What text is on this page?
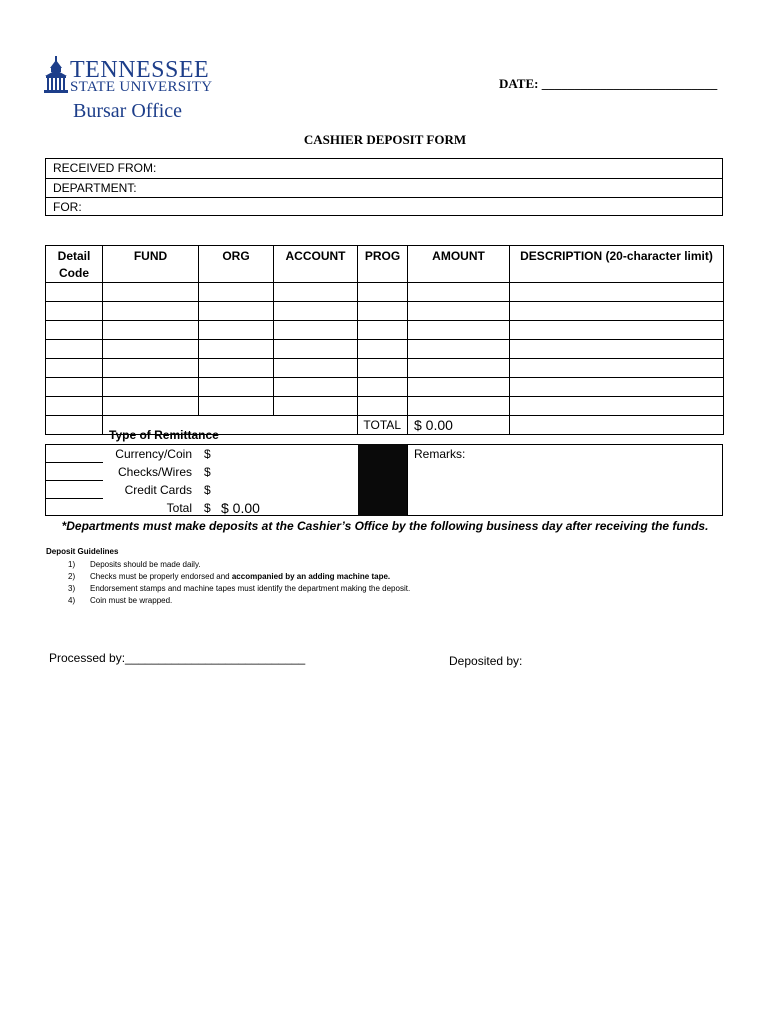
TENNESSEE
STATE UNIVERSITY
Bursar Office
DATE: ___________________________
CASHIER DEPOSIT FORM
RECEIVED FROM:
DEPARTMENT:
FOR:
Detail Code	FUND	ORG	ACCOUNT	PROG	AMOUNT	DESCRIPTION (20-character limit)

				TOTAL	$ 0.00	
Type of Remittance
Currency/Coin $
Checks/Wires $
Credit Cards $
Total $ $ 0.00
Remarks:
*Departments must make deposits at the Cashier’s Office by the following business day after receiving the funds.
Deposit Guidelines
1) Deposits should be made daily.
2) Checks must be properly endorsed and accompanied by an adding machine tape.
3) Endorsement stamps and machine tapes must identify the department making the deposit.
4) Coin must be wrapped.
Processed by:___________________________	Deposited by:
